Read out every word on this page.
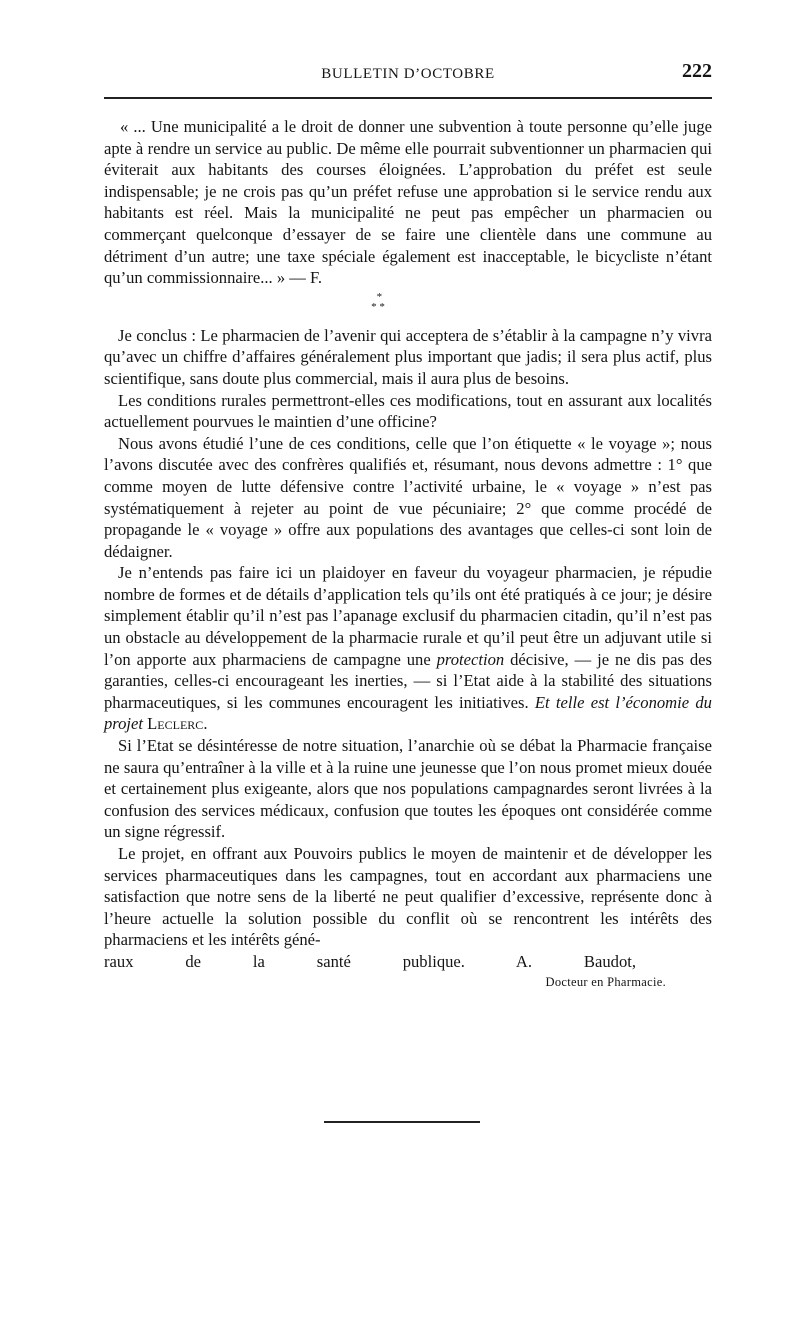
BULLETIN D’OCTOBRE	222

« ... Une municipalité a le droit de donner une subvention à toute personne qu’elle juge apte à rendre un service au public. De même elle pourrait subventionner un pharmacien qui éviterait aux habitants des courses éloignées. L’approbation du préfet est seule indispensable; je ne crois pas qu’un préfet refuse une approbation si le service rendu aux habitants est réel. Mais la municipalité ne peut pas empêcher un pharmacien ou commerçant quelconque d’essayer de se faire une clientèle dans une commune au détriment d’un autre; une taxe spéciale également est inacceptable, le bicycliste n’étant qu’un commissionnaire... » — F.

*
* *

Je conclus : Le pharmacien de l’avenir qui acceptera de s’établir à la campagne n’y vivra qu’avec un chiffre d’affaires généralement plus important que jadis; il sera plus actif, plus scientifique, sans doute plus commercial, mais il aura plus de besoins.

Les conditions rurales permettront-elles ces modifications, tout en assurant aux localités actuellement pourvues le maintien d’une officine?

Nous avons étudié l’une de ces conditions, celle que l’on étiquette « le voyage »; nous l’avons discutée avec des confrères qualifiés et, résumant, nous devons admettre : 1° que comme moyen de lutte défensive contre l’activité urbaine, le « voyage » n’est pas systématiquement à rejeter au point de vue pécuniaire; 2° que comme procédé de propagande le « voyage » offre aux populations des avantages que celles-ci sont loin de dédaigner.

Je n’entends pas faire ici un plaidoyer en faveur du voyageur pharmacien, je répudie nombre de formes et de détails d’application tels qu’ils ont été pratiqués à ce jour; je désire simplement établir qu’il n’est pas l’apanage exclusif du pharmacien citadin, qu’il n’est pas un obstacle au développement de la pharmacie rurale et qu’il peut être un adjuvant utile si l’on apporte aux pharmaciens de campagne une protection décisive, — je ne dis pas des garanties, celles-ci encourageant les inerties, — si l’Etat aide à la stabilité des situations pharmaceutiques, si les communes encouragent les initiatives. Et telle est l’économie du projet Leclerc.

Si l’Etat se désintéresse de notre situation, l’anarchie où se débat la Pharmacie française ne saura qu’entraîner à la ville et à la ruine une jeunesse que l’on nous promet mieux douée et certainement plus exigeante, alors que nos populations campagnardes seront livrées à la confusion des services médicaux, confusion que toutes les époques ont considérée comme un signe régressif.

Le projet, en offrant aux Pouvoirs publics le moyen de maintenir et de développer les services pharmaceutiques dans les campagnes, tout en accordant aux pharmaciens une satisfaction que notre sens de la liberté ne peut qualifier d’excessive, représente donc à l’heure actuelle la solution possible du conflit où se rencontrent les intérêts des pharmaciens et les intérêts géné-

raux de la santé publique.	A. Baudot,

Docteur en Pharmacie.
